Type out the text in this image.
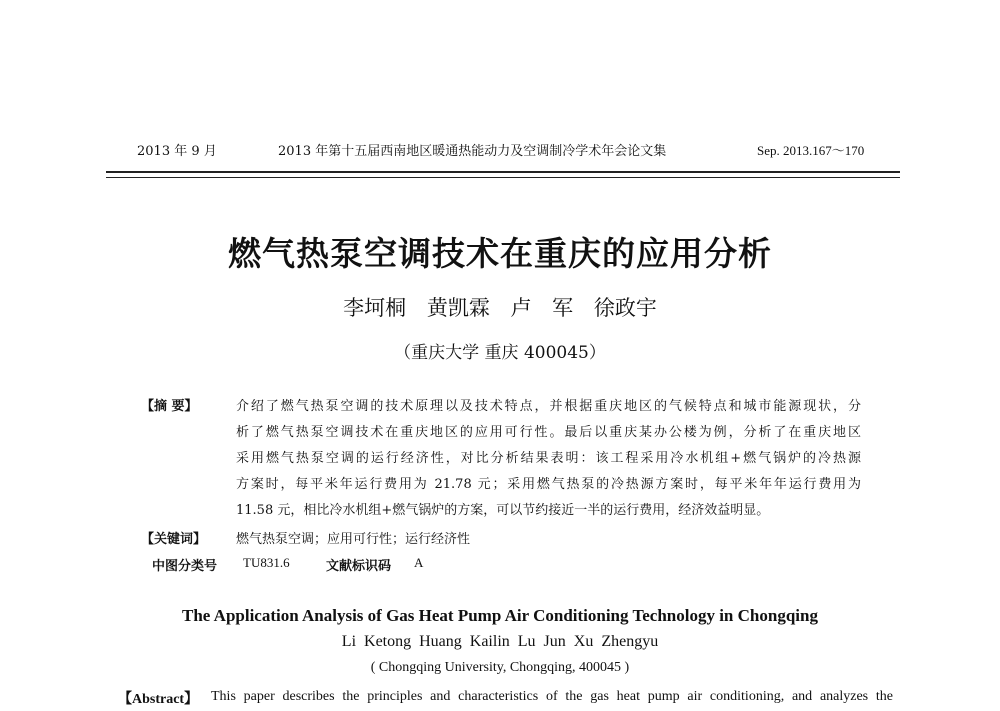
2013 年 9 月	2013 年第十五届西南地区暖通热能动力及空调制冷学术年会论文集	Sep. 2013.167～170
燃气热泵空调技术在重庆的应用分析
李坷桐 黄凯霖 卢 军 徐政宇
（重庆大学 重庆 400045）
【摘 要】	介绍了燃气热泵空调的技术原理以及技术特点，并根据重庆地区的气候特点和城市能源现状，分
析了燃气热泵空调技术在重庆地区的应用可行性。最后以重庆某办公楼为例，分析了在重庆地区
采用燃气热泵空调的运行经济性，对比分析结果表明：该工程采用冷水机组+燃气锅炉的冷热源
方案时，每平米年运行费用为 21.78 元；采用燃气热泵的冷热源方案时，每平米年年运行费用为
11.58 元，相比冷水机组+燃气锅炉的方案，可以节约接近一半的运行费用，经济效益明显。
【关键词】 燃气热泵空调；应用可行性；运行经济性
中图分类号 TU831.6	文献标识码 A
The Application Analysis of Gas Heat Pump Air Conditioning Technology in Chongqing
Li Ketong Huang Kailin Lu Jun Xu Zhengyu
( Chongqing University, Chongqing, 400045 )
【Abstract】 This paper describes the principles and characteristics of the gas heat pump air conditioning, and analyzes the
